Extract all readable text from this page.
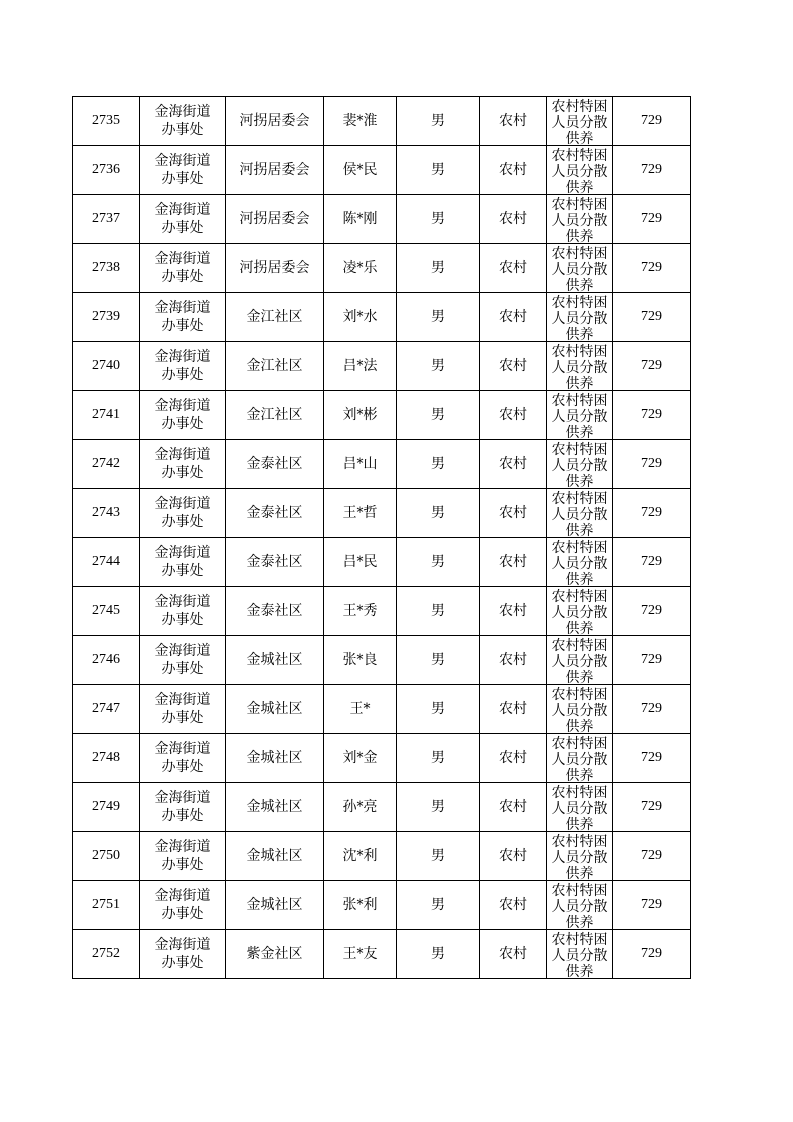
2735	金海街道办事处	河拐居委会	裴*淮	男	农村	农村特困人员分散供养	729
2736	金海街道办事处	河拐居委会	侯*民	男	农村	农村特困人员分散供养	729
2737	金海街道办事处	河拐居委会	陈*刚	男	农村	农村特困人员分散供养	729
2738	金海街道办事处	河拐居委会	凌*乐	男	农村	农村特困人员分散供养	729
2739	金海街道办事处	金江社区	刘*水	男	农村	农村特困人员分散供养	729
2740	金海街道办事处	金江社区	吕*法	男	农村	农村特困人员分散供养	729
2741	金海街道办事处	金江社区	刘*彬	男	农村	农村特困人员分散供养	729
2742	金海街道办事处	金泰社区	吕*山	男	农村	农村特困人员分散供养	729
2743	金海街道办事处	金泰社区	王*哲	男	农村	农村特困人员分散供养	729
2744	金海街道办事处	金泰社区	吕*民	男	农村	农村特困人员分散供养	729
2745	金海街道办事处	金泰社区	王*秀	男	农村	农村特困人员分散供养	729
2746	金海街道办事处	金城社区	张*良	男	农村	农村特困人员分散供养	729
2747	金海街道办事处	金城社区	王*	男	农村	农村特困人员分散供养	729
2748	金海街道办事处	金城社区	刘*金	男	农村	农村特困人员分散供养	729
2749	金海街道办事处	金城社区	孙*亮	男	农村	农村特困人员分散供养	729
2750	金海街道办事处	金城社区	沈*利	男	农村	农村特困人员分散供养	729
2751	金海街道办事处	金城社区	张*利	男	农村	农村特困人员分散供养	729
2752	金海街道办事处	紫金社区	王*友	男	农村	农村特困人员分散供养	729
